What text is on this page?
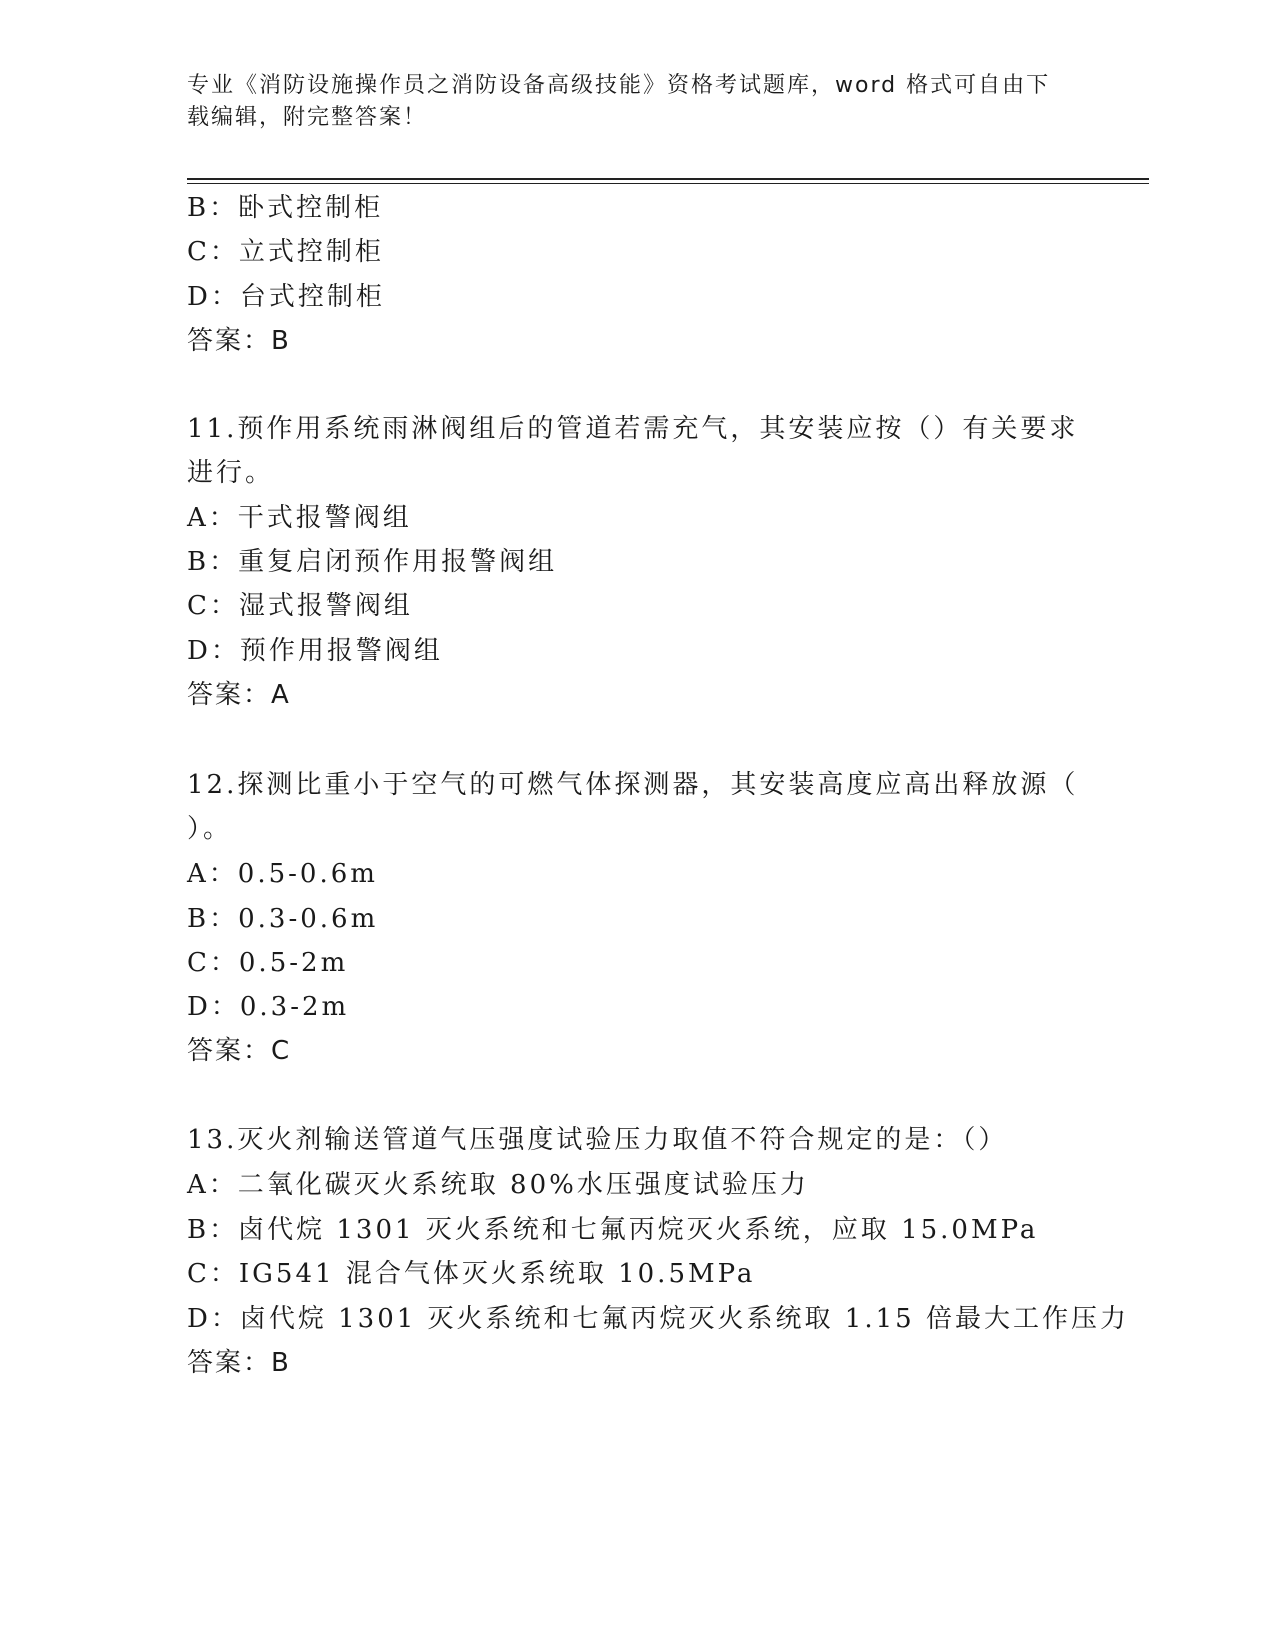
专业《消防设施操作员之消防设备高级技能》资格考试题库，word 格式可自由下
载编辑，附完整答案！
B：卧式控制柜
C：立式控制柜
D：台式控制柜
答案：B
11.预作用系统雨淋阀组后的管道若需充气，其安装应按（）有关要求
进行。
A：干式报警阀组
B：重复启闭预作用报警阀组
C：湿式报警阀组
D：预作用报警阀组
答案：A
12.探测比重小于空气的可燃气体探测器，其安装高度应高出释放源（
）。
A：0.5-0.6m
B：0.3-0.6m
C：0.5-2m
D：0.3-2m
答案：C
13.灭火剂输送管道气压强度试验压力取值不符合规定的是：（）
A：二氧化碳灭火系统取 80%水压强度试验压力
B：卤代烷 1301 灭火系统和七氟丙烷灭火系统，应取 15.0MPa
C：IG541 混合气体灭火系统取 10.5MPa
D：卤代烷 1301 灭火系统和七氟丙烷灭火系统取 1.15 倍最大工作压力
答案：B
